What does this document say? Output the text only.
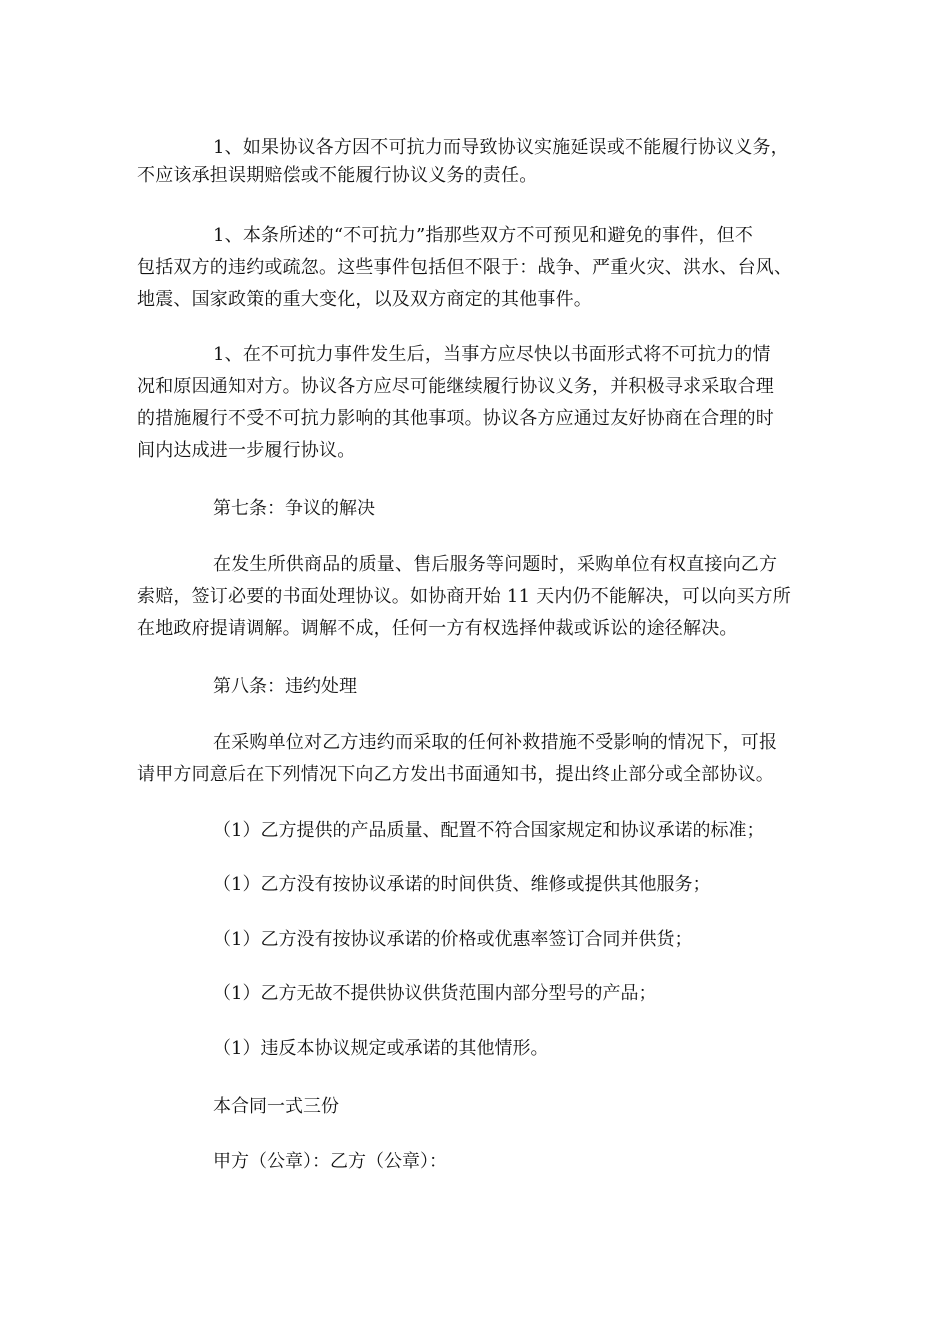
1、如果协议各方因不可抗力而导致协议实施延误或不能履行协议义务，
不应该承担误期赔偿或不能履行协议义务的责任。

1、本条所述的“不可抗力”指那些双方不可预见和避免的事件，但不
包括双方的违约或疏忽。这些事件包括但不限于：战争、严重火灾、洪水、台风、
地震、国家政策的重大变化，以及双方商定的其他事件。

1、在不可抗力事件发生后，当事方应尽快以书面形式将不可抗力的情
况和原因通知对方。协议各方应尽可能继续履行协议义务，并积极寻求采取合理
的措施履行不受不可抗力影响的其他事项。协议各方应通过友好协商在合理的时
间内达成进一步履行协议。

第七条：争议的解决

在发生所供商品的质量、售后服务等问题时，采购单位有权直接向乙方
索赔，签订必要的书面处理协议。如协商开始 11 天内仍不能解决，可以向买方所
在地政府提请调解。调解不成，任何一方有权选择仲裁或诉讼的途径解决。

第八条：违约处理

在采购单位对乙方违约而采取的任何补救措施不受影响的情况下，可报
请甲方同意后在下列情况下向乙方发出书面通知书，提出终止部分或全部协议。

（1）乙方提供的产品质量、配置不符合国家规定和协议承诺的标准；

（1）乙方没有按协议承诺的时间供货、维修或提供其他服务；

（1）乙方没有按协议承诺的价格或优惠率签订合同并供货；

（1）乙方无故不提供协议供货范围内部分型号的产品；

（1）违反本协议规定或承诺的其他情形。

本合同一式三份

甲方（公章）：乙方（公章）：
